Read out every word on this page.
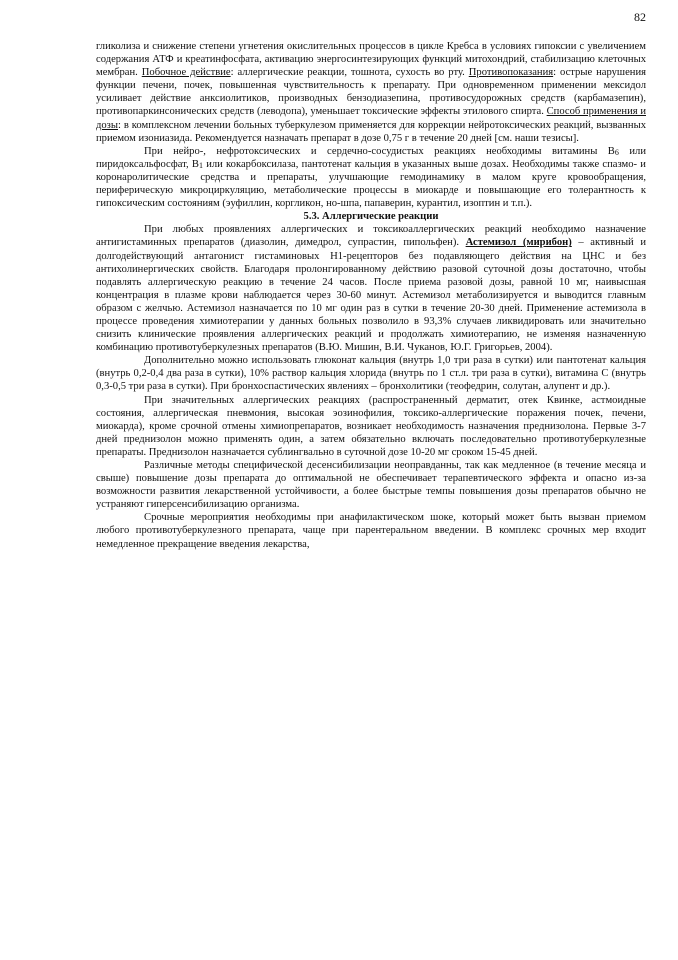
82

гликолиза и снижение степени угнетения окислительных процессов в цикле Кребса в условиях гипоксии с увеличением содержания АТФ и креатинфосфата, активацию энергосинтезирующих функций митохондрий, стабилизацию клеточных мембран. Побочное действие: аллергические реакции, тошнота, сухость во рту. Противопоказания: острые нарушения функции печени, почек, повышенная чувствительность к препарату. При одновременном применении мексидол усиливает действие анксиолитиков, производных бензодиазепина, противосудорожных средств (карбамазепин), противопаркинсонических средств (леводопа), уменьшает токсические эффекты этилового спирта. Способ применения и дозы: в комплексном лечении больных туберкулезом применяется для коррекции нейротоксических реакций, вызванных приемом изониазида. Рекомендуется назначать препарат в дозе 0,75 г в течение 20 дней [см. наши тезисы].

При нейро-, нефротоксических и сердечно-сосудистых реакциях необходимы витамины $B_6$ или пиридоксальфосфат, $B_1$ или кокарбоксилаза, пантотенат кальция в указанных выше дозах. Необходимы также спазмо- и коронаролитические средства и препараты, улучшающие гемодинамику в малом круге кровообращения, периферическую микроциркуляцию, метаболические процессы в миокарде и повышающие его толерантность к гипоксическим состояниям (эуфиллин, коргликон, но-шпа, папаверин, курантил, изоптин и т.п.).

5.3. Аллергические реакции

При любых проявлениях аллергических и токсикоаллергических реакций необходимо назначение антигистаминных препаратов (диазолин, димедрол, супрастин, пипольфен). Астемизол (мирибон) – активный и долгодействующий антагонист гистаминовых Н1-рецепторов без подавляющего действия на ЦНС и без антихолинергических свойств. Благодаря пролонгированному действию разовой суточной дозы достаточно, чтобы подавлять аллергическую реакцию в течение 24 часов. После приема разовой дозы, равной 10 мг, наивысшая концентрация в плазме крови наблюдается через 30-60 минут. Астемизол метаболизируется и выводится главным образом с желчью. Астемизол назначается по 10 мг один раз в сутки в течение 20-30 дней. Применение астемизола в процессе проведения химиотерапии у данных больных позволило в 93,3% случаев ликвидировать или значительно снизить клинические проявления аллергических реакций и продолжать химиотерапию, не изменяя назначенную комбинацию противотуберкулезных препаратов (В.Ю. Мишин, В.И. Чуканов, Ю.Г. Григорьев, 2004).

Дополнительно можно использовать глюконат кальция (внутрь 1,0 три раза в сутки) или пантотенат кальция (внутрь 0,2-0,4 два раза в сутки), 10% раствор кальция хлорида (внутрь по 1 ст.л. три раза в сутки), витамина С (внутрь 0,3-0,5 три раза в сутки). При бронхоспастических явлениях – бронхолитики (теофедрин, солутан, алупент и др.).

При значительных аллергических реакциях (распространенный дерматит, отек Квинке, астмоидные состояния, аллергическая пневмония, высокая эозинофилия, токсико-аллергические поражения почек, печени, миокарда), кроме срочной отмены химиопрепаратов, возникает необходимость назначения преднизолона. Первые 3-7 дней преднизолон можно применять один, а затем обязательно включать последовательно противотуберкулезные препараты. Преднизолон назначается сублингвально в суточной дозе 10-20 мг сроком 15-45 дней.

Различные методы специфической десенсибилизации неоправданны, так как медленное (в течение месяца и свыше) повышение дозы препарата до оптимальной не обеспечивает терапевтического эффекта и опасно из-за возможности развития лекарственной устойчивости, а более быстрые темпы повышения дозы препаратов обычно не устраняют гиперсенсибилизацию организма.

Срочные мероприятия необходимы при анафилактическом шоке, который может быть вызван приемом любого противотуберкулезного препарата, чаще при парентеральном введении. В комплекс срочных мер входит немедленное прекращение введения лекарства,
